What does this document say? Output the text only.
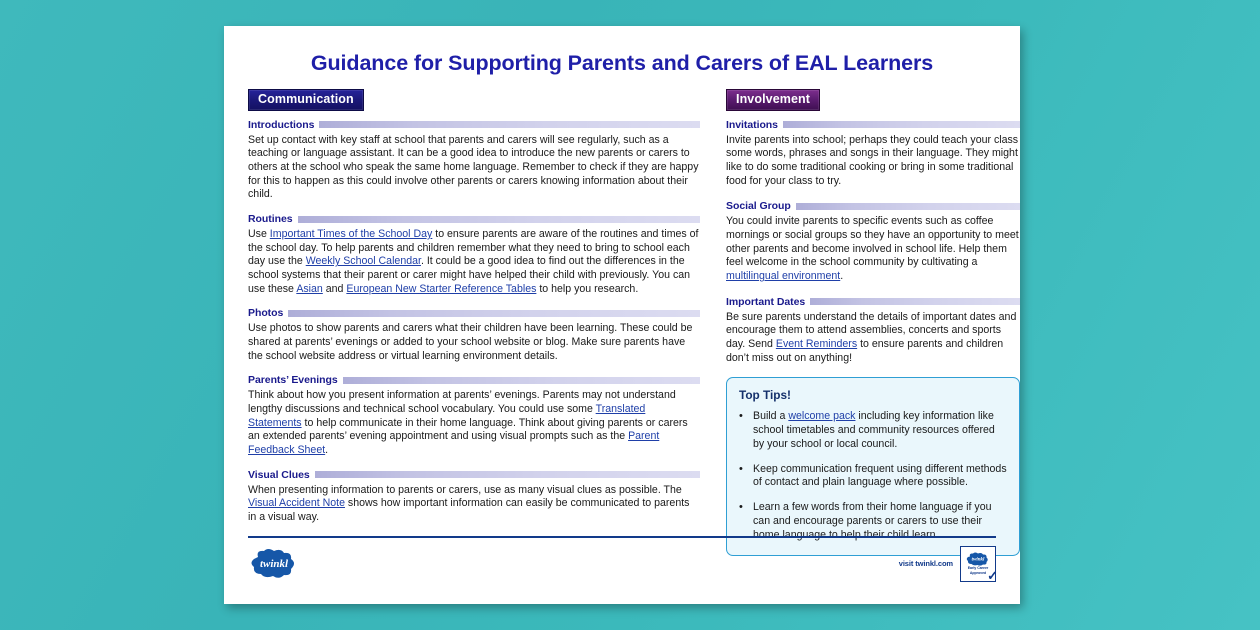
Guidance for Supporting Parents and Carers of EAL Learners
Communication
Introductions
Set up contact with key staff at school that parents and carers will see regularly, such as a teaching or language assistant. It can be a good idea to introduce the new parents or carers to others at the school who speak the same home language. Remember to check if they are happy for this to happen as this could involve other parents or carers knowing information about their child.
Routines
Use Important Times of the School Day to ensure parents are aware of the routines and times of the school day. To help parents and children remember what they need to bring to school each day use the Weekly School Calendar. It could be a good idea to find out the differences in the school systems that their parent or carer might have helped their child with previously. You can use these Asian and European New Starter Reference Tables to help you research.
Photos
Use photos to show parents and carers what their children have been learning. These could be shared at parents’ evenings or added to your school website or blog. Make sure parents have the school website address or virtual learning environment details.
Parents’ Evenings
Think about how you present information at parents’ evenings. Parents may not understand lengthy discussions and technical school vocabulary. You could use some Translated Statements to help communicate in their home language. Think about giving parents or carers an extended parents’ evening appointment and using visual prompts such as the Parent Feedback Sheet.
Visual Clues
When presenting information to parents or carers, use as many visual clues as possible. The Visual Accident Note shows how important information can easily be communicated to parents in a visual way.
Involvement
Invitations
Invite parents into school; perhaps they could teach your class some words, phrases and songs in their language. They might like to do some traditional cooking or bring in some traditional food for your class to try.
Social Group
You could invite parents to specific events such as coffee mornings or social groups so they have an opportunity to meet other parents and become involved in school life. Help them feel welcome in the school community by cultivating a multilingual environment.
Important Dates
Be sure parents understand the details of important dates and encourage them to attend assemblies, concerts and sports day. Send Event Reminders to ensure parents and children don’t miss out on anything!
Top Tips!
• Build a welcome pack including key information like school timetables and community resources offered by your school or local council.
• Keep communication frequent using different methods of contact and plain language where possible.
• Learn a few words from their home language if you can and encourage parents or carers to use their home language to help their child learn.
twinkl	visit twinkl.com twinkl
Early Career
Approved ✓
